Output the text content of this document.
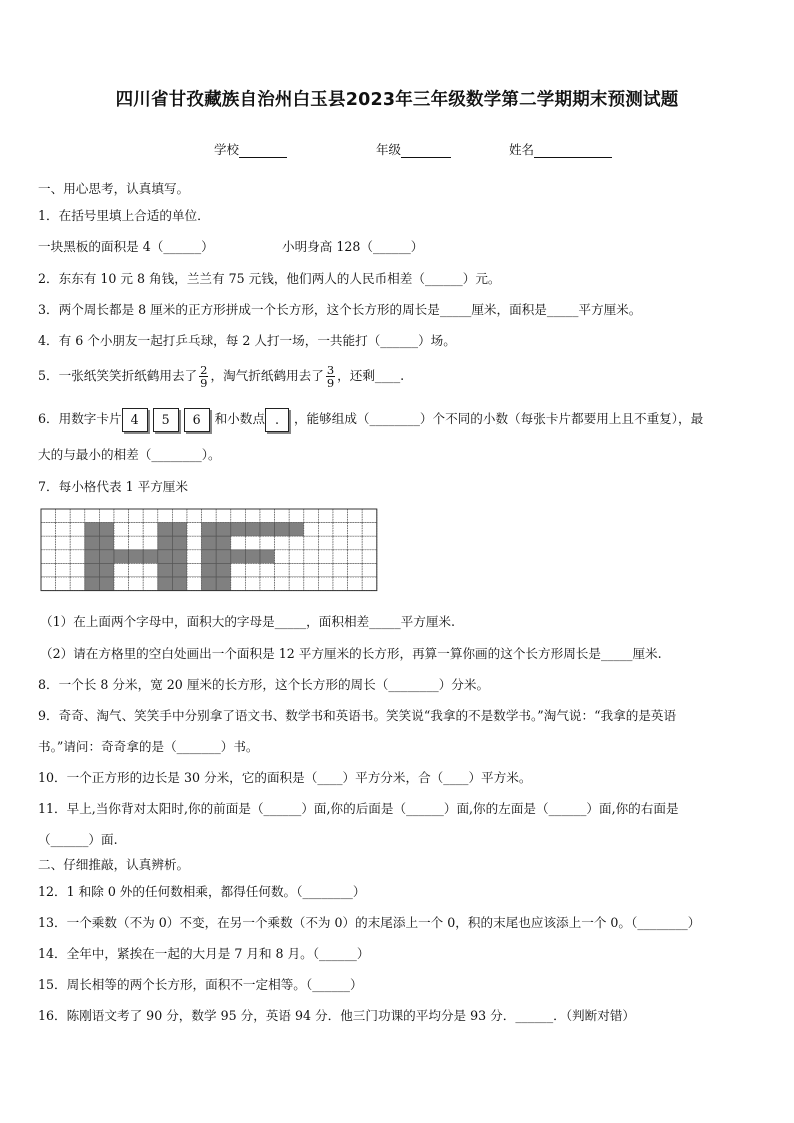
四川省甘孜藏族自治州白玉县2023年三年级数学第二学期期末预测试题
学校	年级	姓名
一、用心思考，认真填写。
1．在括号里填上合适的单位．
一块黑板的面积是 4（______）	小明身高 128（______）
2．东东有 10 元 8 角钱，兰兰有 75 元钱，他们两人的人民币相差（______）元。
3．两个周长都是 8 厘米的正方形拼成一个长方形，这个长方形的周长是_____厘米，面积是_____平方厘米。
4．有 6 个小朋友一起打乒乓球，每 2 人打一场，一共能打（______）场。
5．一张纸笑笑折纸鹤用去了 $\frac{2}{9}$ ，淘气折纸鹤用去了 $\frac{3}{9}$ ，还剩____.
6．用数字卡片 4 5 6 和小数点 . ，能够组成（________）个不同的小数（每张卡片都要用上且不重复），最
大的与最小的相差（________）。
7．每小格代表 1 平方厘米
（1）在上面两个字母中，面积大的字母是_____，面积相差_____平方厘米.
（2）请在方格里的空白处画出一个面积是 12 平方厘米的长方形，再算一算你画的这个长方形周长是_____厘米.
8．一个长 8 分米，宽 20 厘米的长方形，这个长方形的周长（________）分米。
9．奇奇、淘气、笑笑手中分别拿了语文书、数学书和英语书。笑笑说“我拿的不是数学书。”淘气说：“我拿的是英语
书。”请问：奇奇拿的是（_______）书。
10．一个正方形的边长是 30 分米，它的面积是（____）平方分米，合（____）平方米。
11．早上,当你背对太阳时,你的前面是（______）面,你的后面是（______）面,你的左面是（______）面,你的右面是
（______）面.
二、仔细推敲，认真辨析。
12．1 和除 0 外的任何数相乘，都得任何数。（________）
13．一个乘数（不为 0）不变，在另一个乘数（不为 0）的末尾添上一个 0，积的末尾也应该添上一个 0。（________）
14．全年中，紧挨在一起的大月是 7 月和 8 月。（______）
15．周长相等的两个长方形，面积不一定相等。（______）
16．陈刚语文考了 90 分，数学 95 分，英语 94 分．他三门功课的平均分是 93 分．______．（判断对错）
